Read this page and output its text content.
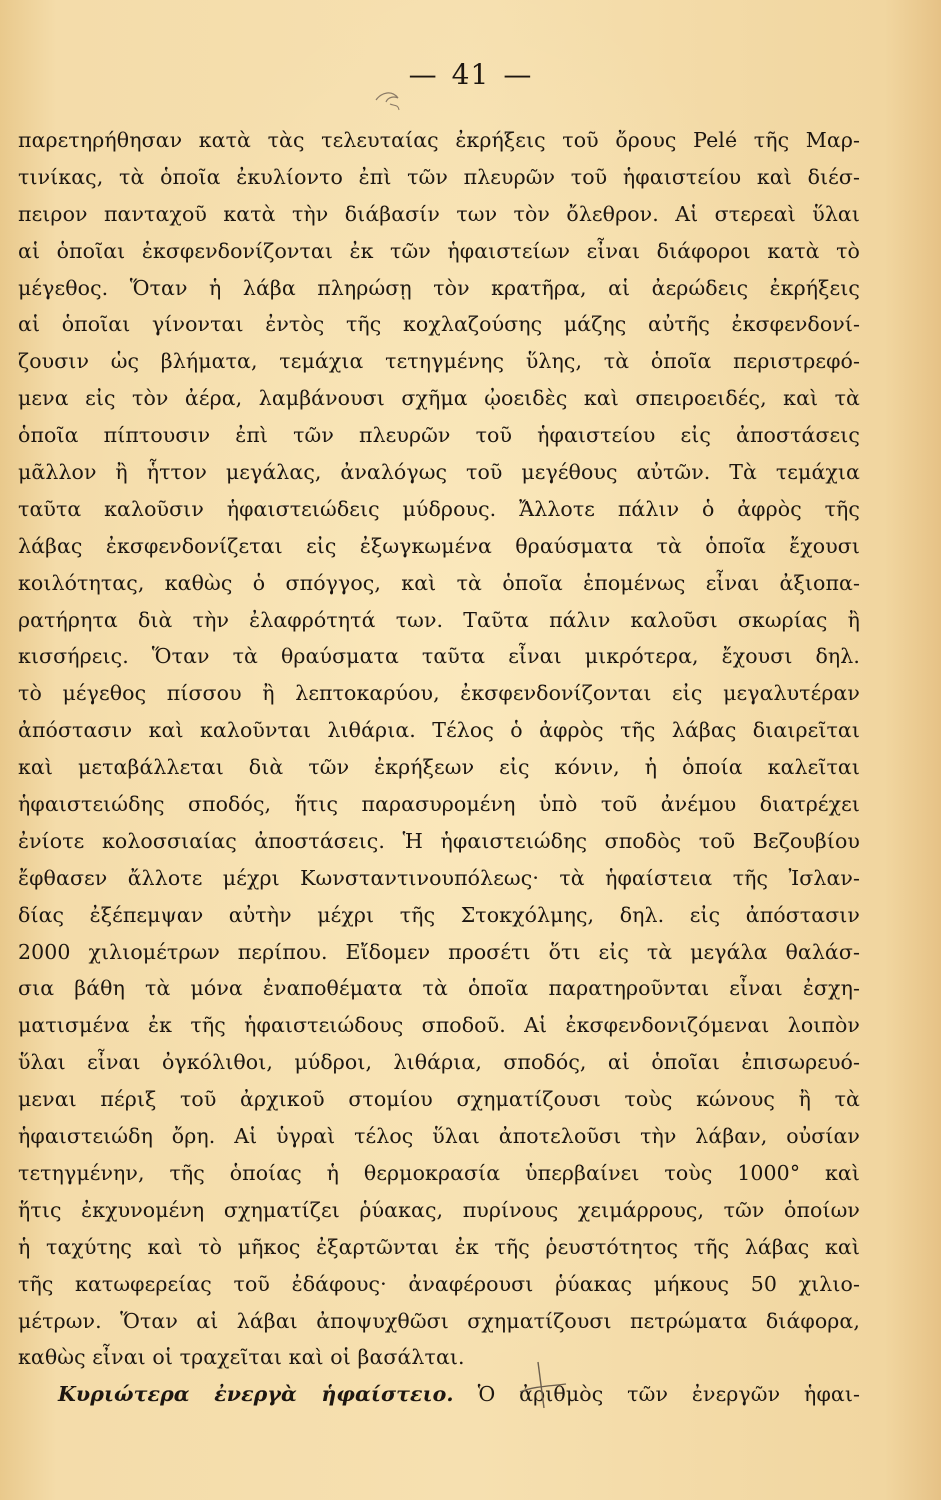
— 41 —
παρετηρήθησαν κατὰ τὰς τελευταίας ἐκρήξεις τοῦ ὄρους Pelé τῆς Μαρ-
τινίκας, τὰ ὁποῖα ἐκυλίοντο ἐπὶ τῶν πλευρῶν τοῦ ἡφαιστείου καὶ διέσ-
πειρον πανταχοῦ κατὰ τὴν διάβασίν των τὸν ὄλεθρον. Αἱ στερεαὶ ὕλαι
αἱ ὁποῖαι ἐκσφενδονίζονται ἐκ τῶν ἡφαιστείων εἶναι διάφοροι κατὰ τὸ
μέγεθος. Ὅταν ἡ λάβα πληρώσῃ τὸν κρατῆρα, αἱ ἀερώδεις ἐκρήξεις
αἱ ὁποῖαι γίνονται ἐντὸς τῆς κοχλαζούσης μάζης αὐτῆς ἐκσφενδονί-
ζουσιν ὡς βλήματα, τεμάχια τετηγμένης ὕλης, τὰ ὁποῖα περιστρεφό-
μενα εἰς τὸν ἀέρα, λαμβάνουσι σχῆμα ᾠοειδὲς καὶ σπειροειδές, καὶ τὰ
ὁποῖα πίπτουσιν ἐπὶ τῶν πλευρῶν τοῦ ἡφαιστείου εἰς ἀποστάσεις
μᾶλλον ἢ ἧττον μεγάλας, ἀναλόγως τοῦ μεγέθους αὐτῶν. Τὰ τεμάχια
ταῦτα καλοῦσιν ἡφαιστειώδεις μύδρους. Ἄλλοτε πάλιν ὁ ἀφρὸς τῆς
λάβας ἐκσφενδονίζεται εἰς ἐξωγκωμένα θραύσματα τὰ ὁποῖα ἔχουσι
κοιλότητας, καθὼς ὁ σπόγγος, καὶ τὰ ὁποῖα ἑπομένως εἶναι ἀξιοπα-
ρατήρητα διὰ τὴν ἐλαφρότητά των. Ταῦτα πάλιν καλοῦσι σκωρίας ἢ
κισσήρεις. Ὅταν τὰ θραύσματα ταῦτα εἶναι μικρότερα, ἔχουσι δηλ.
τὸ μέγεθος πίσσου ἢ λεπτοκαρύου, ἐκσφενδονίζονται εἰς μεγαλυτέραν
ἀπόστασιν καὶ καλοῦνται λιθάρια. Τέλος ὁ ἀφρὸς τῆς λάβας διαιρεῖται
καὶ μεταβάλλεται διὰ τῶν ἐκρήξεων εἰς κόνιν, ἡ ὁποία καλεῖται
ἡφαιστειώδης σποδός, ἥτις παρασυρομένη ὑπὸ τοῦ ἀνέμου διατρέχει
ἐνίοτε κολοσσιαίας ἀποστάσεις. Ἡ ἡφαιστειώδης σποδὸς τοῦ Βεζουβίου
ἔφθασεν ἄλλοτε μέχρι Κωνσταντινουπόλεως· τὰ ἡφαίστεια τῆς Ἰσλαν-
δίας ἐξέπεμψαν αὐτὴν μέχρι τῆς Στοκχόλμης, δηλ. εἰς ἀπόστασιν
2000 χιλιομέτρων περίπου. Εἴδομεν προσέτι ὅτι εἰς τὰ μεγάλα θαλάσ-
σια βάθη τὰ μόνα ἐναποθέματα τὰ ὁποῖα παρατηροῦνται εἶναι ἐσχη-
ματισμένα ἐκ τῆς ἡφαιστειώδους σποδοῦ. Αἱ ἐκσφενδονιζόμεναι λοιπὸν
ὕλαι εἶναι ὀγκόλιθοι, μύδροι, λιθάρια, σποδός, αἱ ὁποῖαι ἐπισωρευό-
μεναι πέριξ τοῦ ἀρχικοῦ στομίου σχηματίζουσι τοὺς κώνους ἢ τὰ
ἡφαιστειώδη ὄρη. Αἱ ὑγραὶ τέλος ὕλαι ἀποτελοῦσι τὴν λάβαν, οὐσίαν
τετηγμένην, τῆς ὁποίας ἡ θερμοκρασία ὑπερβαίνει τοὺς 1000° καὶ
ἥτις ἐκχυνομένη σχηματίζει ῥύακας, πυρίνους χειμάρρους, τῶν ὁποίων
ἡ ταχύτης καὶ τὸ μῆκος ἐξαρτῶνται ἐκ τῆς ῥευστότητος τῆς λάβας καὶ
τῆς κατωφερείας τοῦ ἐδάφους· ἀναφέρουσι ῥύακας μήκους 50 χιλιο-
μέτρων. Ὅταν αἱ λάβαι ἀποψυχθῶσι σχηματίζουσι πετρώματα διάφορα,
καθὼς εἶναι οἱ τραχεῖται καὶ οἱ βασάλται.
Κυριώτερα ἐνεργὰ ἡφαίστειο. Ὁ ἀριθμὸς τῶν ἐνεργῶν ἡφαι-
